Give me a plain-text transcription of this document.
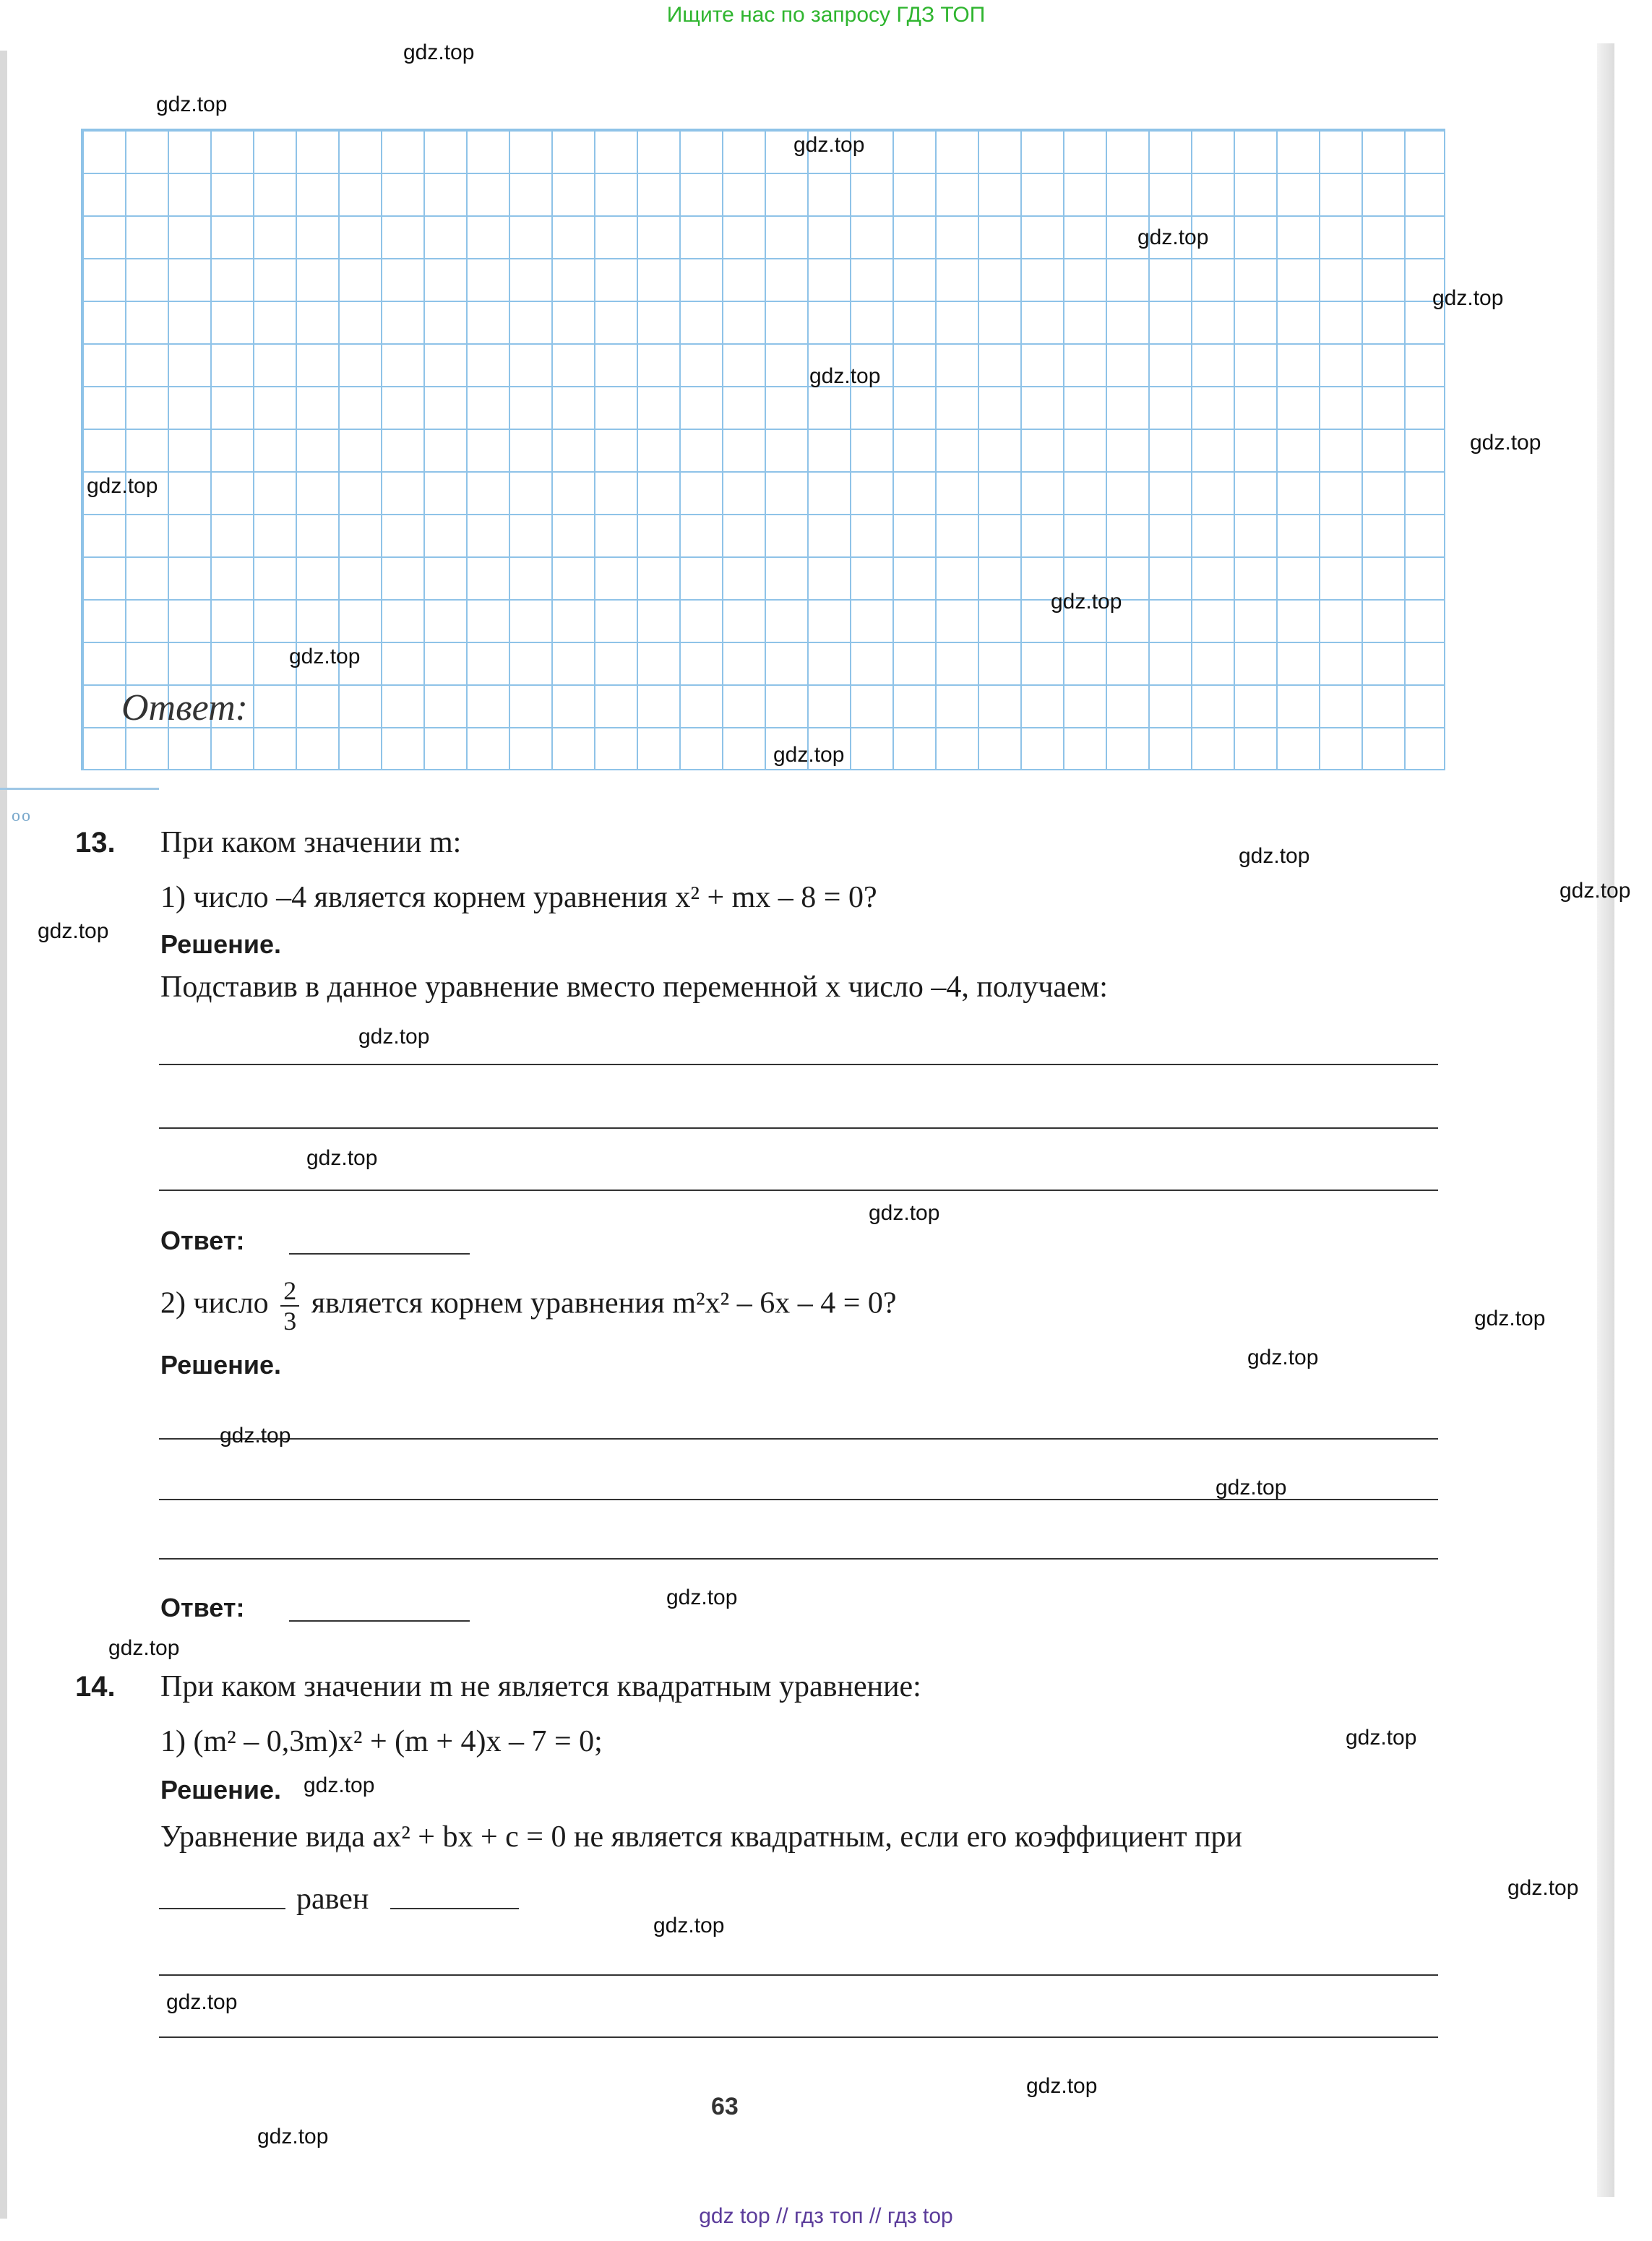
Ищите нас по запросу ГДЗ ТОП
Ответ:
оо
13. При каком значении m:
1) число –4 является корнем уравнения x² + mx – 8 = 0?
Решение.
Подставив в данное уравнение вместо переменной x число –4, получаем:
Ответ:
2) число $\frac{2}{3}$ является корнем уравнения m²x² – 6x – 4 = 0?
Решение.
Ответ:
14. При каком значении m не является квадратным уравнение:
1) (m² – 0,3m)x² + (m + 4)x – 7 = 0;
Решение.
Уравнение вида ax² + bx + c = 0 не является квадратным, если его коэффициент при
равен
63
gdz.top
gdz.top
gdz.top
gdz.top
gdz.top
gdz.top
gdz.top
gdz.top
gdz.top
gdz.top
gdz.top
gdz.top
gdz.top
gdz.top
gdz.top
gdz.top
gdz.top
gdz.top
gdz.top
gdz.top
gdz.top
gdz.top
gdz.top
gdz.top
gdz.top
gdz.top
gdz.top
gdz.top
gdz.top
gdz.top
gdz top // гдз топ // гдз top
